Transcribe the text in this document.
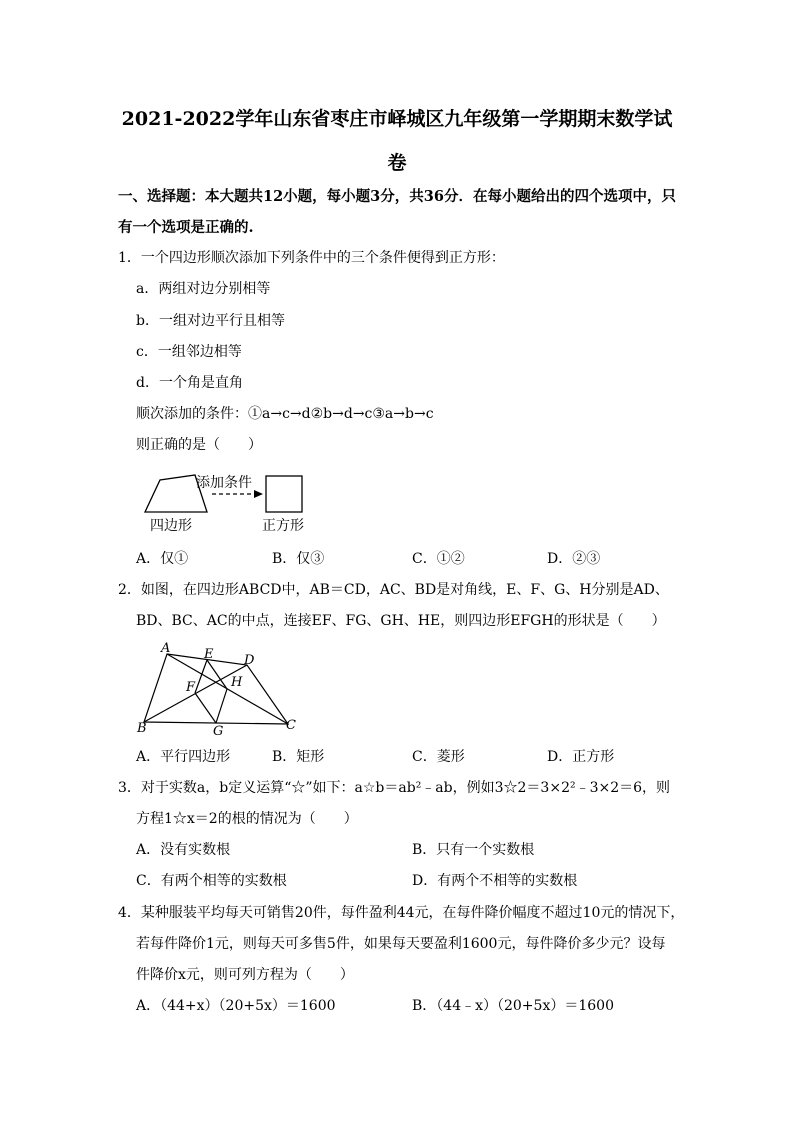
2021-2022学年山东省枣庄市峄城区九年级第一学期期末数学试
卷
一、选择题：本大题共12小题，每小题3分，共36分．在每小题给出的四个选项中，只
有一个选项是正确的.
1．一个四边形顺次添加下列条件中的三个条件便得到正方形：
a．两组对边分别相等
b．一组对边平行且相等
c．一组邻边相等
d．一个角是直角
顺次添加的条件：①a→c→d②b→d→c③a→b→c
则正确的是（　　）
四边形
添加条件
正方形
A．仅①	B．仅③	C．①②	D．②③
2．如图，在四边形ABCD中，AB＝CD，AC、BD是对角线，E、F、G、H分别是AD、
BD、BC、AC的中点，连接EF、FG、GH、HE，则四边形EFGH的形状是（　　）
A
B	C
D
E
F
G
H
A．平行四边形	B．矩形	C．菱形	D．正方形
3．对于实数a，b定义运算“☆”如下：a☆b＝ab²﹣ab，例如3☆2＝3×2²﹣3×2＝6，则
方程1☆x＝2的根的情况为（　　）
A．没有实数根	B．只有一个实数根
C．有两个相等的实数根	D．有两个不相等的实数根
4．某种服装平均每天可销售20件，每件盈利44元，在每件降价幅度不超过10元的情况下，
若每件降价1元，则每天可多售5件，如果每天要盈利1600元，每件降价多少元？设每
件降价x元，则可列方程为（　　）
A．（44+x）（20+5x）＝1600	B．（44﹣x）（20+5x）＝1600
